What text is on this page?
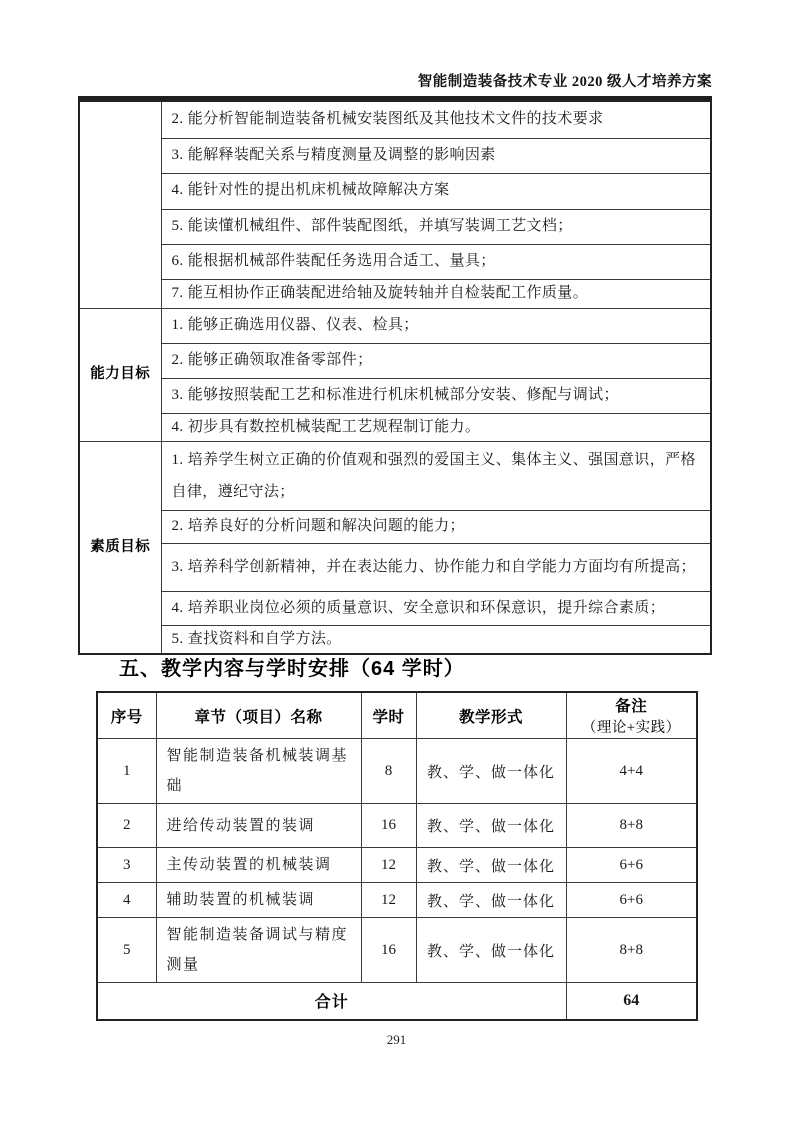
智能制造装备技术专业 2020 级人才培养方案
	2. 能分析智能制造装备机械安装图纸及其他技术文件的技术要求
	3. 能解释装配关系与精度测量及调整的影响因素
	4. 能针对性的提出机床机械故障解决方案
	5. 能读懂机械组件、部件装配图纸，并填写装调工艺文档；
	6. 能根据机械部件装配任务选用合适工、量具；
	7. 能互相协作正确装配进给轴及旋转轴并自检装配工作质量。
能力目标	1. 能够正确选用仪器、仪表、检具；
	2. 能够正确领取准备零部件；
	3. 能够按照装配工艺和标准进行机床机械部分安装、修配与调试；
	4. 初步具有数控机械装配工艺规程制订能力。
素质目标	1. 培养学生树立正确的价值观和强烈的爱国主义、集体主义、强国意识，严格自律，遵纪守法；
	2. 培养良好的分析问题和解决问题的能力；
	3. 培养科学创新精神，并在表达能力、协作能力和自学能力方面均有所提高；
	4. 培养职业岗位必须的质量意识、安全意识和环保意识，提升综合素质；
	5. 查找资料和自学方法。
五、教学内容与学时安排（64 学时）
序号	章节（项目）名称	学时	教学形式	备注（理论+实践）
1	智能制造装备机械装调基础	8	教、学、做一体化	4+4
2	进给传动装置的装调	16	教、学、做一体化	8+8
3	主传动装置的机械装调	12	教、学、做一体化	6+6
4	辅助装置的机械装调	12	教、学、做一体化	6+6
5	智能制造装备调试与精度测量	16	教、学、做一体化	8+8
合计				64
291
